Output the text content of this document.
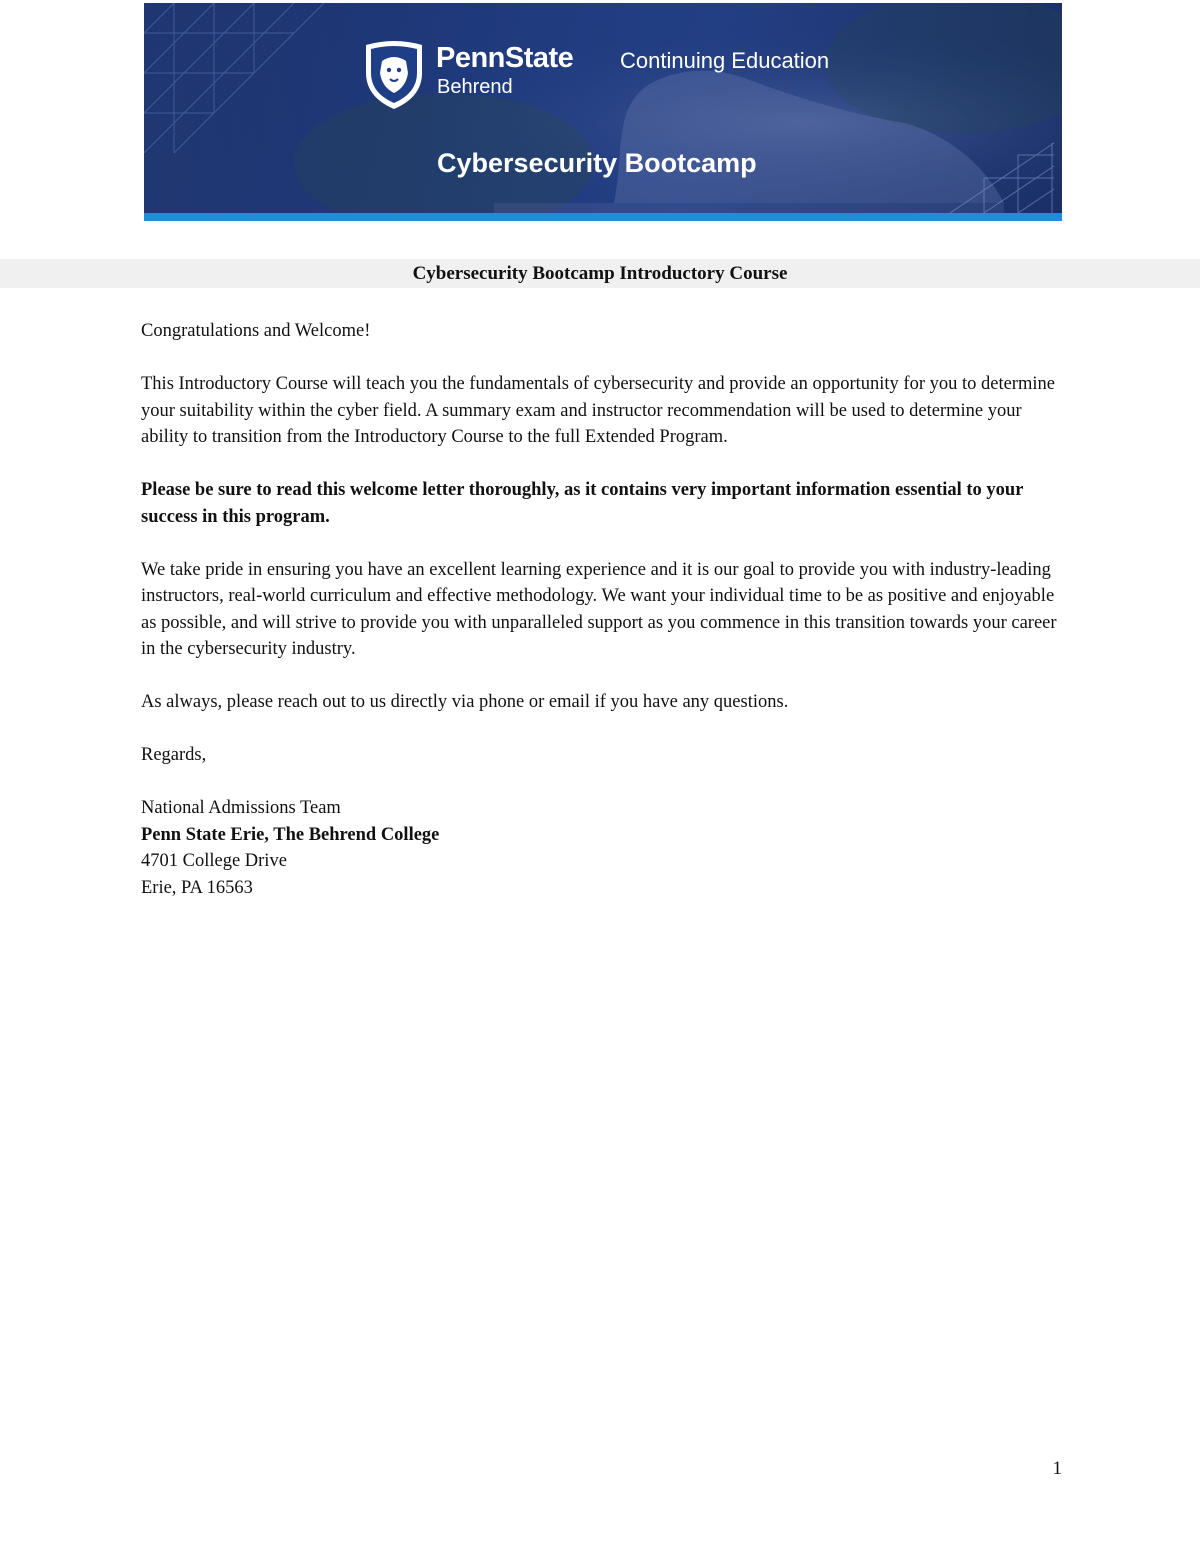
PennState
Behrend
Continuing Education
Cybersecurity Bootcamp
Cybersecurity Bootcamp Introductory Course

Congratulations and Welcome!

This Introductory Course will teach you the fundamentals of cybersecurity and provide an opportunity for you to determine your suitability within the cyber field. A summary exam and instructor recommendation will be used to determine your ability to transition from the Introductory Course to the full Extended Program.

Please be sure to read this welcome letter thoroughly, as it contains very important information essential to your success in this program.

We take pride in ensuring you have an excellent learning experience and it is our goal to provide you with industry-leading instructors, real-world curriculum and effective methodology. We want your individual time to be as positive and enjoyable as possible, and will strive to provide you with unparalleled support as you commence in this transition towards your career in the cybersecurity industry.

As always, please reach out to us directly via phone or email if you have any questions.

Regards,

National Admissions Team
Penn State Erie, The Behrend College
4701 College Drive
Erie, PA 16563
1
